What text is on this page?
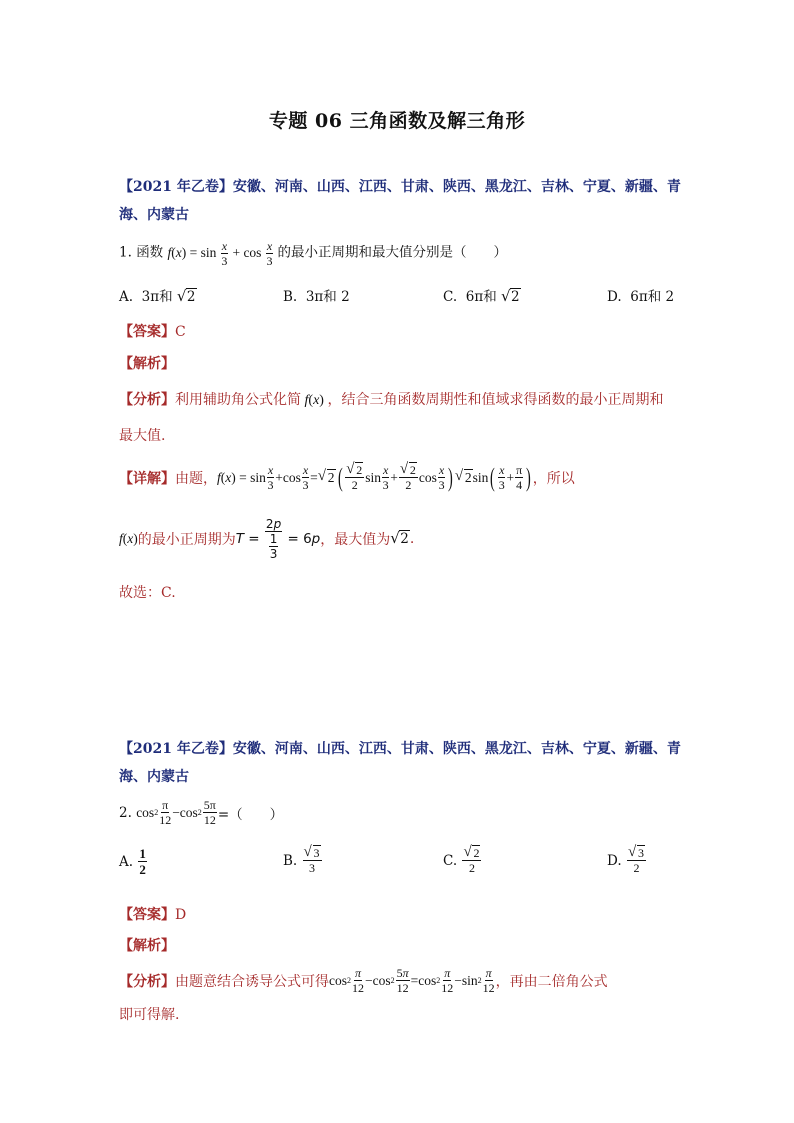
专题 06 三角函数及解三角形
【2021 年乙卷】安徽、河南、山西、江西、甘肃、陕西、黑龙江、吉林、宁夏、新疆、青
海、内蒙古
1. 函数 $f(x) = \sin \frac{x}{3} + \cos \frac{x}{3}$ 的最小正周期和最大值分别是（　　）
A. 3π和 √ 2	B. 3π和 2	C. 6π和 √ 2	D. 6π和 2
【答案】C
【解析】
【分析】利用辅助角公式化简 f(x) ，结合三角函数周期性和值域求得函数的最小正周期和
最大值.
【详解】 由题， f ( x ) = $\sin \frac{x}{3} +\cos \frac{x}{3}$ = √ 2 ( √ $\frac{2}{2}$ $\sin \frac{x}{3}$ + √ $\frac{2}{2}$ $\cos \frac{x}{3}$ ) √ 2 sin ( $\frac{x}{3} + \frac{\pi}{4}$ ) ，所以
f(x) 的最小正周期为 $T = \frac{2p}{\frac{1}{3}} = 6$ p ，最大值为 √ 2 .
故选：C.
【2021 年乙卷】安徽、河南、山西、江西、甘肃、陕西、黑龙江、吉林、宁夏、新疆、青
海、内蒙古
2.
$\cos 2 \frac{\pi}{12} -\cos$ $2 \frac{5\pi}{12}$ =（　　）
A.
$\frac{1}{2}$	B.
√ $\frac{3}{3}$	C.
√ $\frac{2}{2}$	D.
√ $\frac{3}{2}$
【答案】D
【解析】
【分析】 由题意结合诱导公式可得 $\cos 2 \frac{\pi}{12} -\cos$ $2 \frac{5\pi}{12} =\cos$ $2 \frac{\pi}{12} -\sin$ $2 \frac{\pi}{12}$ ，再由二倍角公式
即可得解.
